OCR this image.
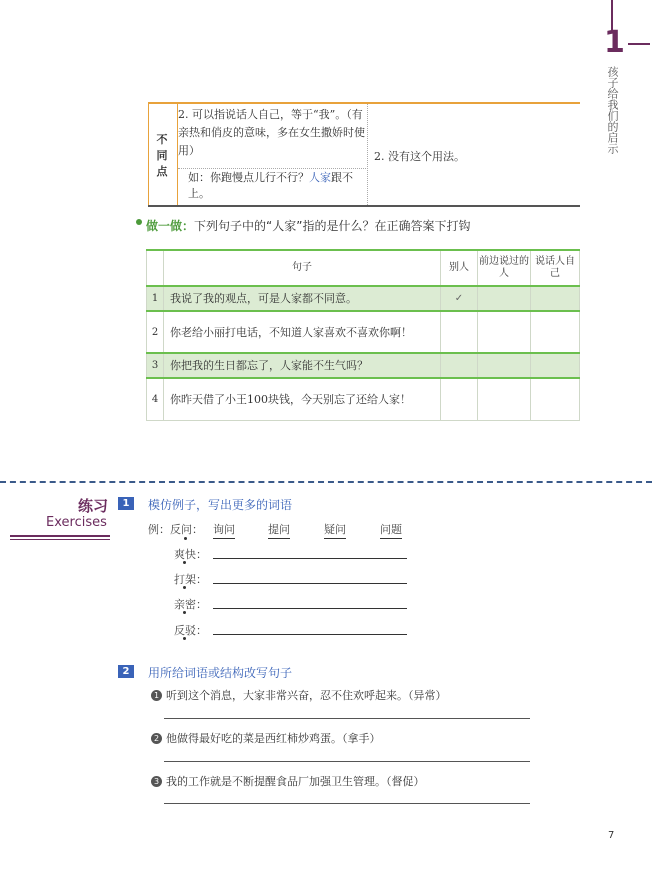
1
孩子给我们的启示
不同点
2. 可以指说话人自己，等于“我”。（有亲热和俏皮的意味，多在女生撒娇时使用）
如：你跑慢点儿行不行？人家跟不上。
2. 没有这个用法。
做一做：下列句子中的“人家”指的是什么？在正确答案下打钩
	句子	别人	前边说过的人	说话人自己
1	我说了我的观点，可是人家都不同意。	✓		
2	你老给小丽打电话，不知道人家喜欢不喜欢你啊！			
3	你把我的生日都忘了，人家能不生气吗？			
4	你昨天借了小王100块钱，今天别忘了还给人家！			
练习
Exercises
1	模仿例子，写出更多的词语
例：反问： 询问	提问	疑问	问题
爽快：
打架：
亲密：
反驳：
2	用所给词语或结构改写句子
1 听到这个消息，大家非常兴奋，忍不住欢呼起来。（异常）
2 他做得最好吃的菜是西红柿炒鸡蛋。（拿手）
3 我的工作就是不断提醒食品厂加强卫生管理。（督促）
7
